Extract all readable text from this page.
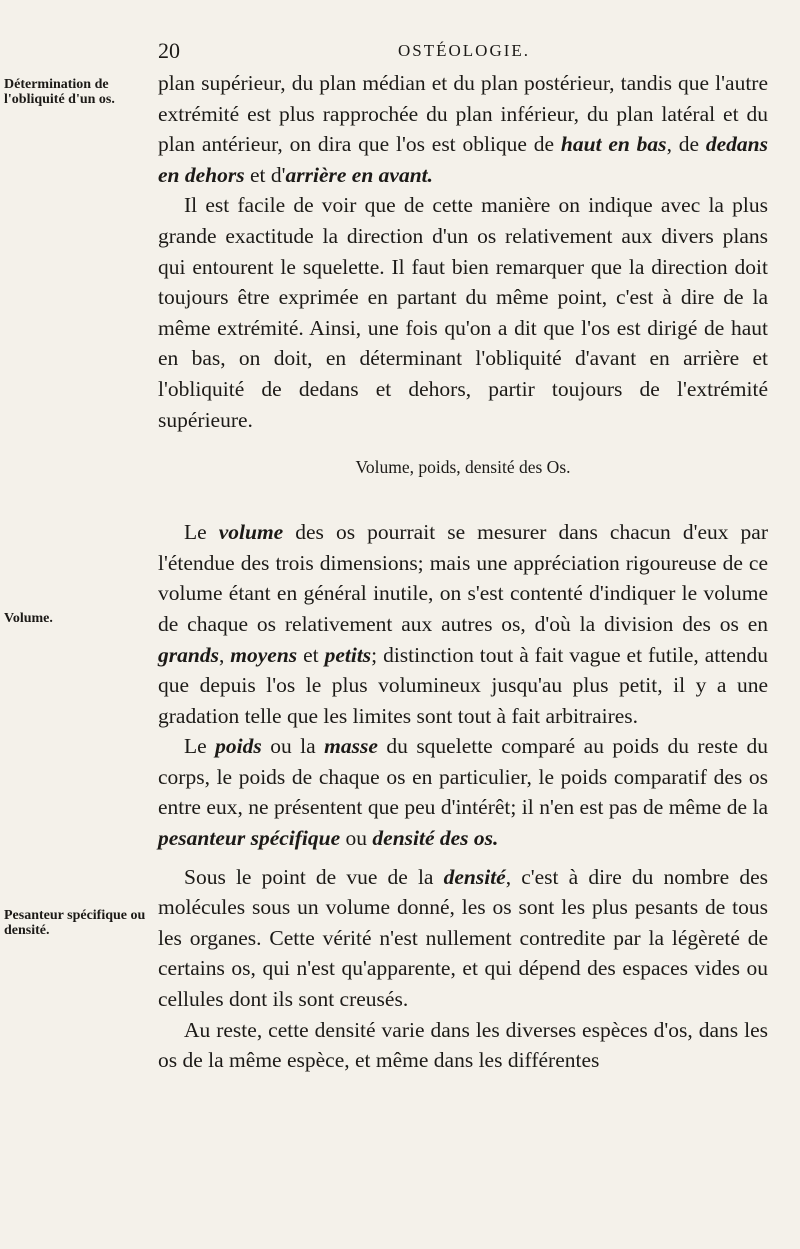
20	OSTÉOLOGIE.
Détermination de l'obliquité d'un os.
Volume.
Pesanteur spécifique ou densité.

plan supérieur, du plan médian et du plan postérieur, tandis que l'autre extrémité est plus rapprochée du plan inférieur, du plan latéral et du plan antérieur, on dira que l'os est oblique de haut en bas, de dedans en dehors et d'arrière en avant.

Il est facile de voir que de cette manière on indique avec la plus grande exactitude la direction d'un os relativement aux divers plans qui entourent le squelette. Il faut bien remarquer que la direction doit toujours être exprimée en partant du même point, c'est à dire de la même extrémité. Ainsi, une fois qu'on a dit que l'os est dirigé de haut en bas, on doit, en déterminant l'obliquité d'avant en arrière et l'obliquité de dedans et dehors, partir toujours de l'extrémité supérieure.

Volume, poids, densité des Os.

Le volume des os pourrait se mesurer dans chacun d'eux par l'étendue des trois dimensions; mais une appréciation rigoureuse de ce volume étant en général inutile, on s'est contenté d'indiquer le volume de chaque os relativement aux autres os, d'où la division des os en grands, moyens et petits; distinction tout à fait vague et futile, attendu que depuis l'os le plus volumineux jusqu'au plus petit, il y a une gradation telle que les limites sont tout à fait arbitraires.

Le poids ou la masse du squelette comparé au poids du reste du corps, le poids de chaque os en particulier, le poids comparatif des os entre eux, ne présentent que peu d'intérêt; il n'en est pas de même de la pesanteur spécifique ou densité des os.

Sous le point de vue de la densité, c'est à dire du nombre des molécules sous un volume donné, les os sont les plus pesants de tous les organes. Cette vérité n'est nullement contredite par la légèreté de certains os, qui n'est qu'apparente, et qui dépend des espaces vides ou cellules dont ils sont creusés.

Au reste, cette densité varie dans les diverses espèces d'os, dans les os de la même espèce, et même dans les différentes
